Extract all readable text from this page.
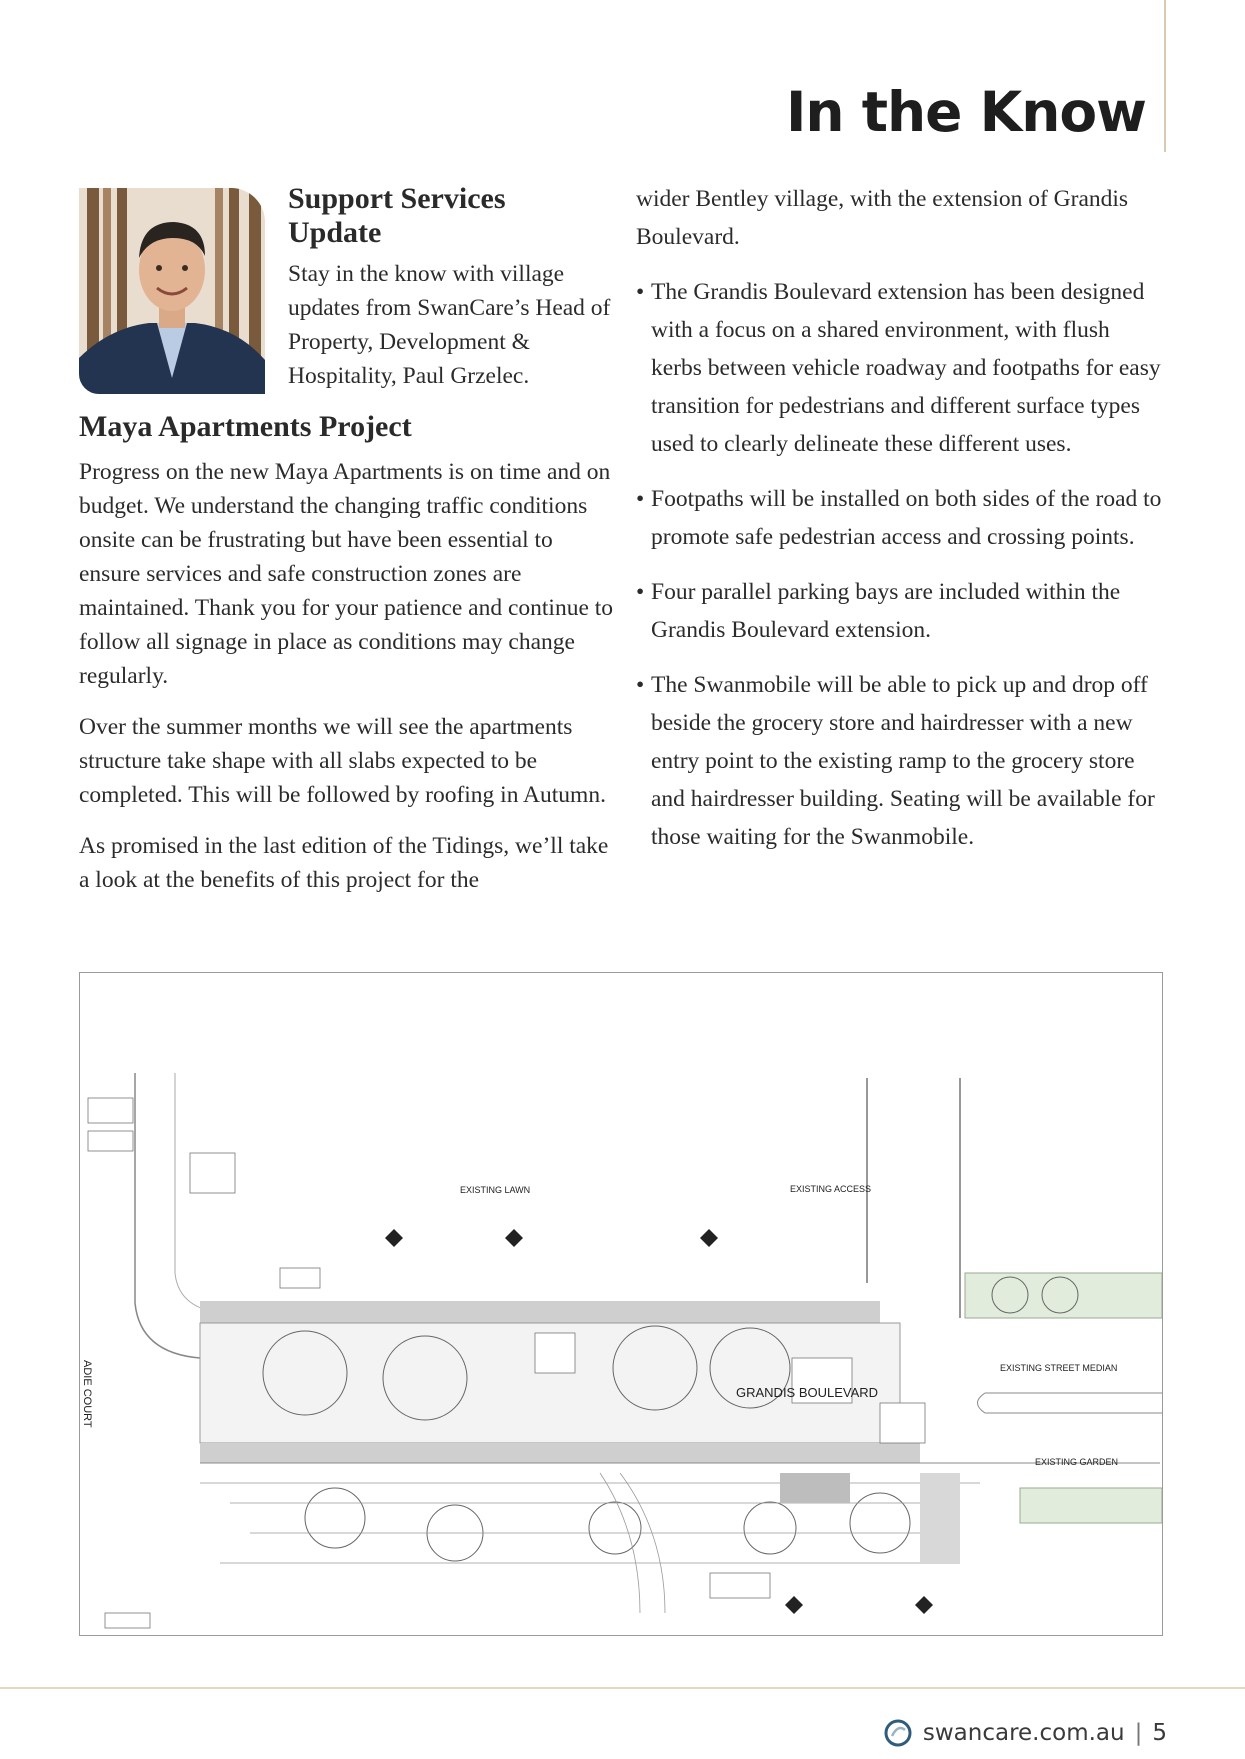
In the Know
Support Services
Update

Stay in the know with village updates from SwanCare’s Head of Property, Development & Hospitality, Paul Grzelec.

Maya Apartments Project

Progress on the new Maya Apartments is on time and on budget. We understand the changing traffic conditions onsite can be frustrating but have been essential to ensure services and safe construction zones are maintained. Thank you for your patience and continue to follow all signage in place as conditions may change regularly.

Over the summer months we will see the apartments structure take shape with all slabs expected to be completed. This will be followed by roofing in Autumn.

As promised in the last edition of the Tidings, we’ll take a look at the benefits of this project for the

wider Bentley village, with the extension of Grandis Boulevard.

• The Grandis Boulevard extension has been designed with a focus on a shared environment, with flush kerbs between vehicle roadway and footpaths for easy transition for pedestrians and different surface types used to clearly delineate these different uses.
• Footpaths will be installed on both sides of the road to promote safe pedestrian access and crossing points.
• Four parallel parking bays are included within the Grandis Boulevard extension.
• The Swanmobile will be able to pick up and drop off beside the grocery store and hairdresser with a new entry point to the existing ramp to the grocery store and hairdresser building. Seating will be available for those waiting for the Swanmobile.
EXISTING LAWN	EXISTING ACCESS
EXISTING STREET MEDIAN
GRANDIS BOULEVARD
EXISTING GARDEN
ADIE COURT
swancare.com.au | 5
